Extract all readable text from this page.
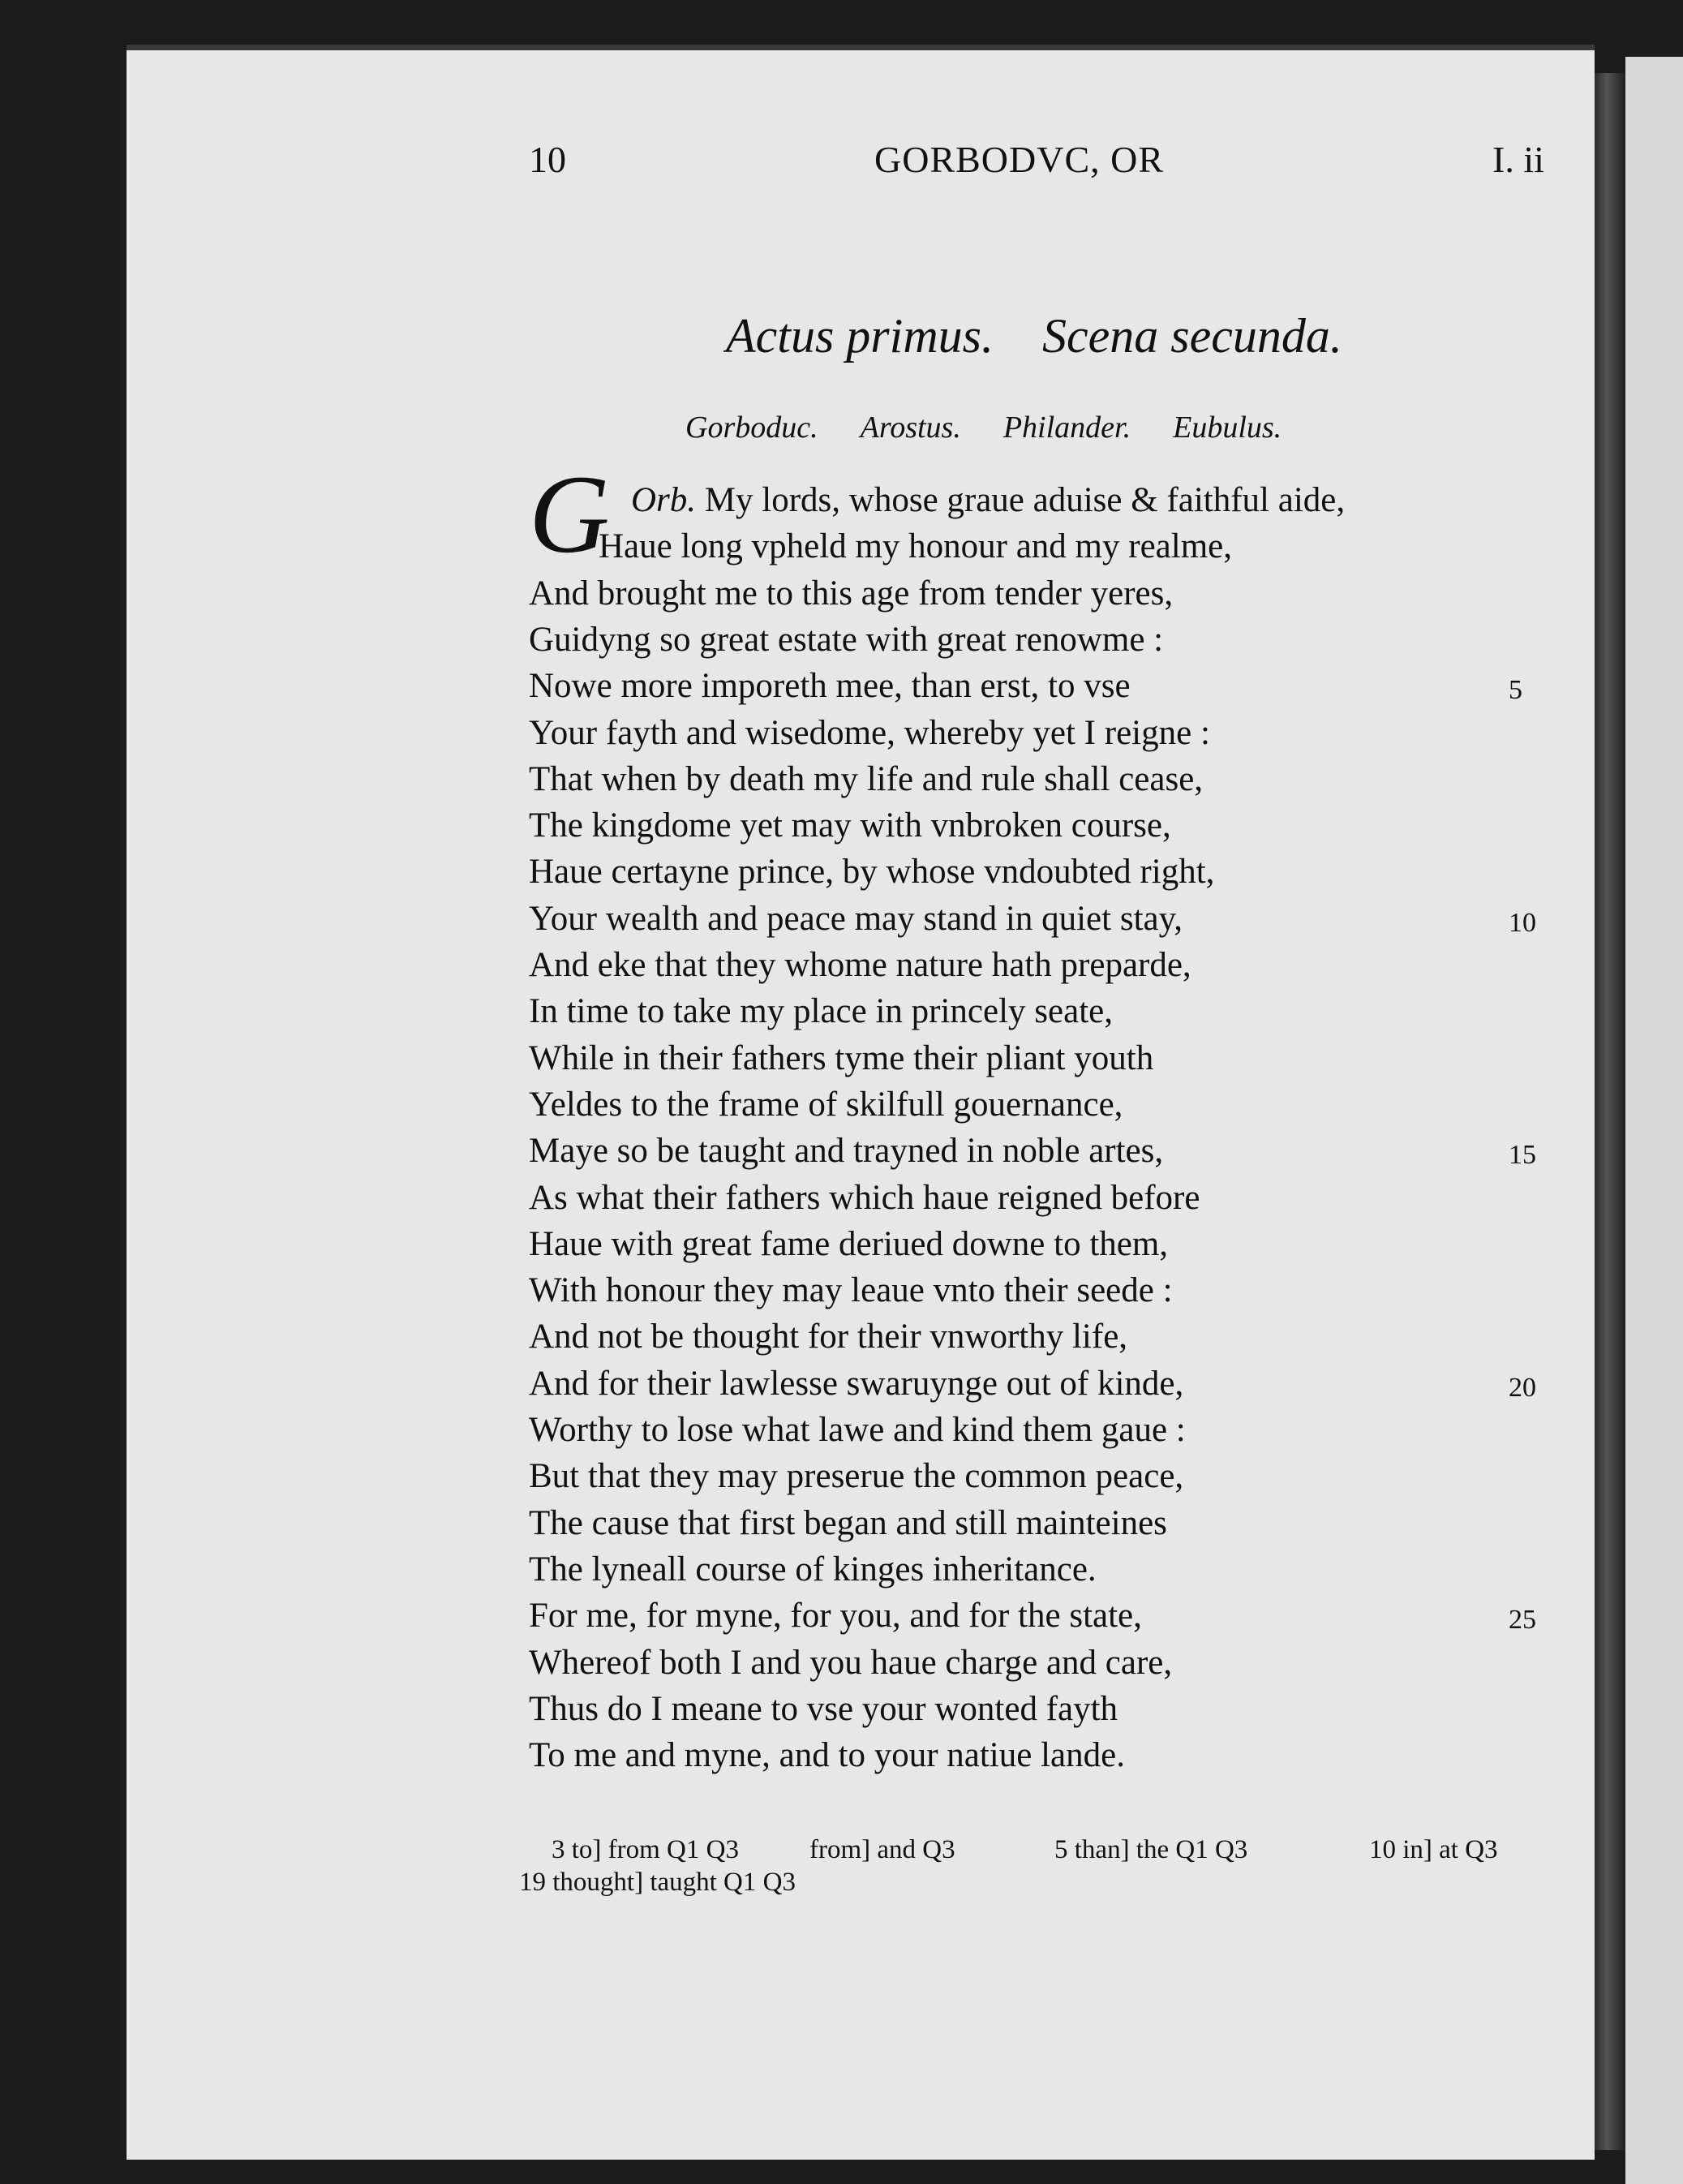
10	GORBODVC, OR	I. ii
Actus primus. Scena secunda.
Gorboduc. Arostus. Philander. Eubulus.
G Orb. My lords, whose graue aduise & faithful aide,
Haue long vpheld my honour and my realme,
And brought me to this age from tender yeres,
Guidyng so great estate with great renowme :
Nowe more imporeth mee, than erst, to vse	5
Your fayth and wisedome, whereby yet I reigne :
That when by death my life and rule shall cease,
The kingdome yet may with vnbroken course,
Haue certayne prince, by whose vndoubted right,
Your wealth and peace may stand in quiet stay,	10
And eke that they whome nature hath preparde,
In time to take my place in princely seate,
While in their fathers tyme their pliant youth
Yeldes to the frame of skilfull gouernance,
Maye so be taught and trayned in noble artes,	15
As what their fathers which haue reigned before
Haue with great fame deriued downe to them,
With honour they may leaue vnto their seede :
And not be thought for their vnworthy life,
And for their lawlesse swaruynge out of kinde,	20
Worthy to lose what lawe and kind them gaue :
But that they may preserue the common peace,
The cause that first began and still mainteines
The lyneall course of kinges inheritance.
For me, for myne, for you, and for the state,	25
Whereof both I and you haue charge and care,
Thus do I meane to vse your wonted fayth
To me and myne, and to your natiue lande.
3 to] from Q1 Q3	from] and Q3	5 than] the Q1 Q3	10 in] at Q3
19 thought] taught Q1 Q3
